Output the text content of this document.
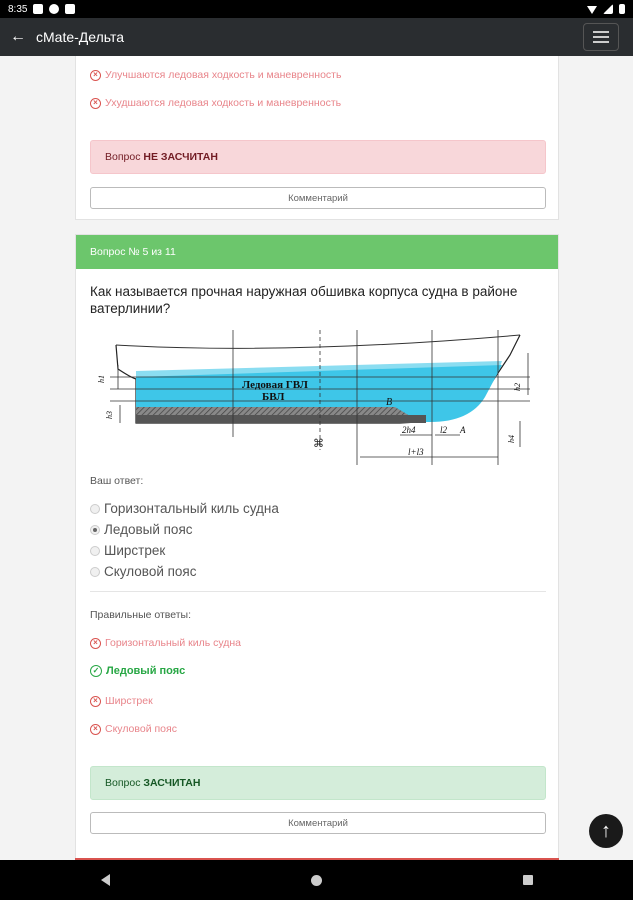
8:35
← cMate-Дельта
× Улучшаются ледовая ходкость и маневренность
× Ухудшаются ледовая ходкость и маневренность
Вопрос НЕ ЗАСЧИТАН
Комментарий
Вопрос № 5 из 11
Как называется прочная наружная обшивка корпуса судна в районе ватерлинии?
⌘
Ледовая ГВЛ
БВЛ
h1
h3
h2
h4
B
A
2h4	l2
l+l3
Ваш ответ:
Горизонтальный киль судна
Ледовый пояс
Ширстрек
Скуловой пояс
Правильные ответы:
× Горизонтальный киль судна
✓ Ледовый пояс
× Ширстрек
× Скуловой пояс
Вопрос ЗАСЧИТАН
Комментарий	↑
